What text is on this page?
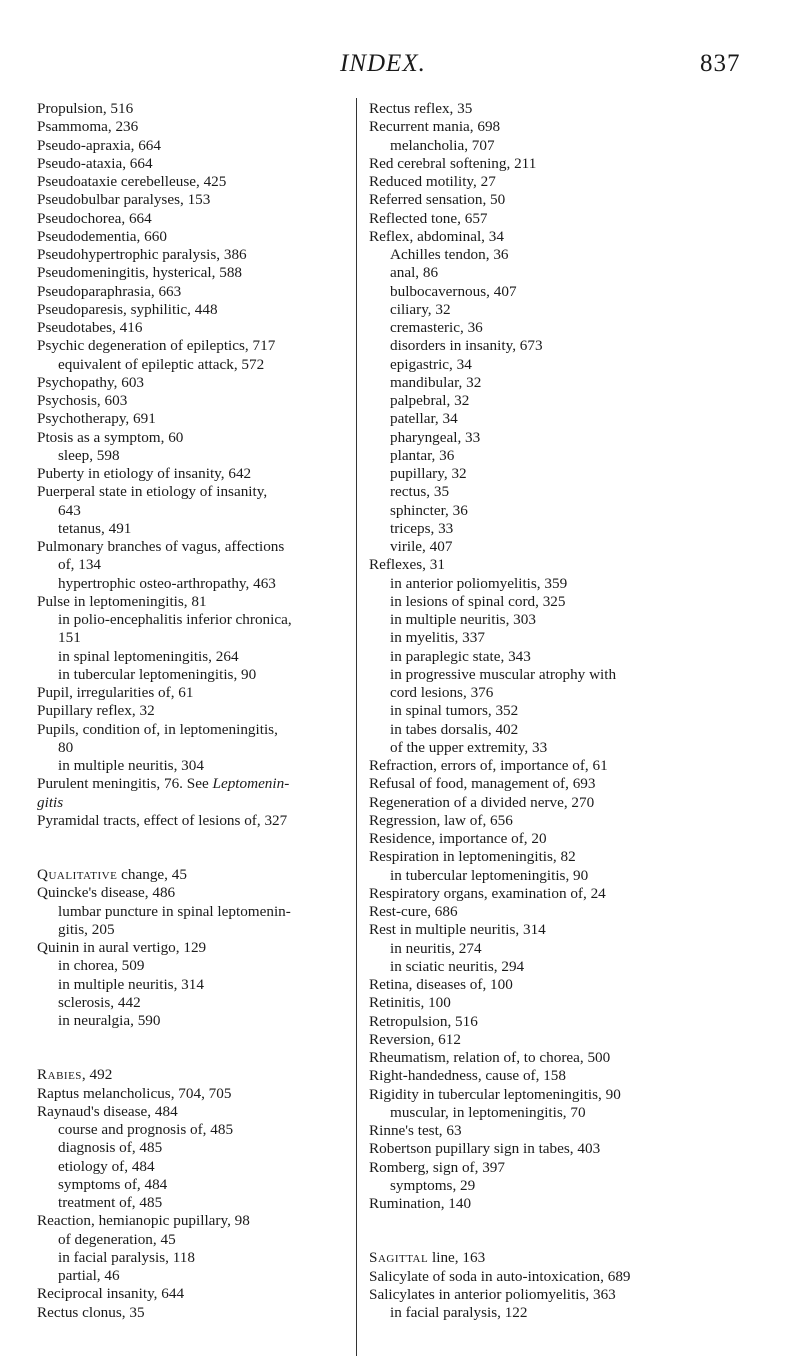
INDEX.	837
Propulsion, 516
Psammoma, 236
Pseudo-apraxia, 664
Pseudo-ataxia, 664
Pseudoataxie cerebelleuse, 425
Pseudobulbar paralyses, 153
Pseudochorea, 664
Pseudodementia, 660
Pseudohypertrophic paralysis, 386
Pseudomeningitis, hysterical, 588
Pseudoparaphrasia, 663
Pseudoparesis, syphilitic, 448
Pseudotabes, 416
Psychic degeneration of epileptics, 717
equivalent of epileptic attack, 572
Psychopathy, 603
Psychosis, 603
Psychotherapy, 691
Ptosis as a symptom, 60
sleep, 598
Puberty in etiology of insanity, 642
Puerperal state in etiology of insanity,
643
tetanus, 491
Pulmonary branches of vagus, affections
of, 134
hypertrophic osteo-arthropathy, 463
Pulse in leptomeningitis, 81
in polio-encephalitis inferior chronica,
151
in spinal leptomeningitis, 264
in tubercular leptomeningitis, 90
Pupil, irregularities of, 61
Pupillary reflex, 32
Pupils, condition of, in leptomeningitis,
80
in multiple neuritis, 304
Purulent meningitis, 76. See Leptomenin-
gitis
Pyramidal tracts, effect of lesions of, 327
Qualitative change, 45
Quincke's disease, 486
lumbar puncture in spinal leptomenin-
gitis, 205
Quinin in aural vertigo, 129
in chorea, 509
in multiple neuritis, 314
sclerosis, 442
in neuralgia, 590
Rabies, 492
Raptus melancholicus, 704, 705
Raynaud's disease, 484
course and prognosis of, 485
diagnosis of, 485
etiology of, 484
symptoms of, 484
treatment of, 485
Reaction, hemianopic pupillary, 98
of degeneration, 45
in facial paralysis, 118
partial, 46
Reciprocal insanity, 644
Rectus clonus, 35
Rectus reflex, 35
Recurrent mania, 698
melancholia, 707
Red cerebral softening, 211
Reduced motility, 27
Referred sensation, 50
Reflected tone, 657
Reflex, abdominal, 34
Achilles tendon, 36
anal, 86
bulbocavernous, 407
ciliary, 32
cremasteric, 36
disorders in insanity, 673
epigastric, 34
mandibular, 32
palpebral, 32
patellar, 34
pharyngeal, 33
plantar, 36
pupillary, 32
rectus, 35
sphincter, 36
triceps, 33
virile, 407
Reflexes, 31
in anterior poliomyelitis, 359
in lesions of spinal cord, 325
in multiple neuritis, 303
in myelitis, 337
in paraplegic state, 343
in progressive muscular atrophy with
cord lesions, 376
in spinal tumors, 352
in tabes dorsalis, 402
of the upper extremity, 33
Refraction, errors of, importance of, 61
Refusal of food, management of, 693
Regeneration of a divided nerve, 270
Regression, law of, 656
Residence, importance of, 20
Respiration in leptomeningitis, 82
in tubercular leptomeningitis, 90
Respiratory organs, examination of, 24
Rest-cure, 686
Rest in multiple neuritis, 314
in neuritis, 274
in sciatic neuritis, 294
Retina, diseases of, 100
Retinitis, 100
Retropulsion, 516
Reversion, 612
Rheumatism, relation of, to chorea, 500
Right-handedness, cause of, 158
Rigidity in tubercular leptomeningitis, 90
muscular, in leptomeningitis, 70
Rinne's test, 63
Robertson pupillary sign in tabes, 403
Romberg, sign of, 397
symptoms, 29
Rumination, 140
Sagittal line, 163
Salicylate of soda in auto-intoxication, 689
Salicylates in anterior poliomyelitis, 363
in facial paralysis, 122
